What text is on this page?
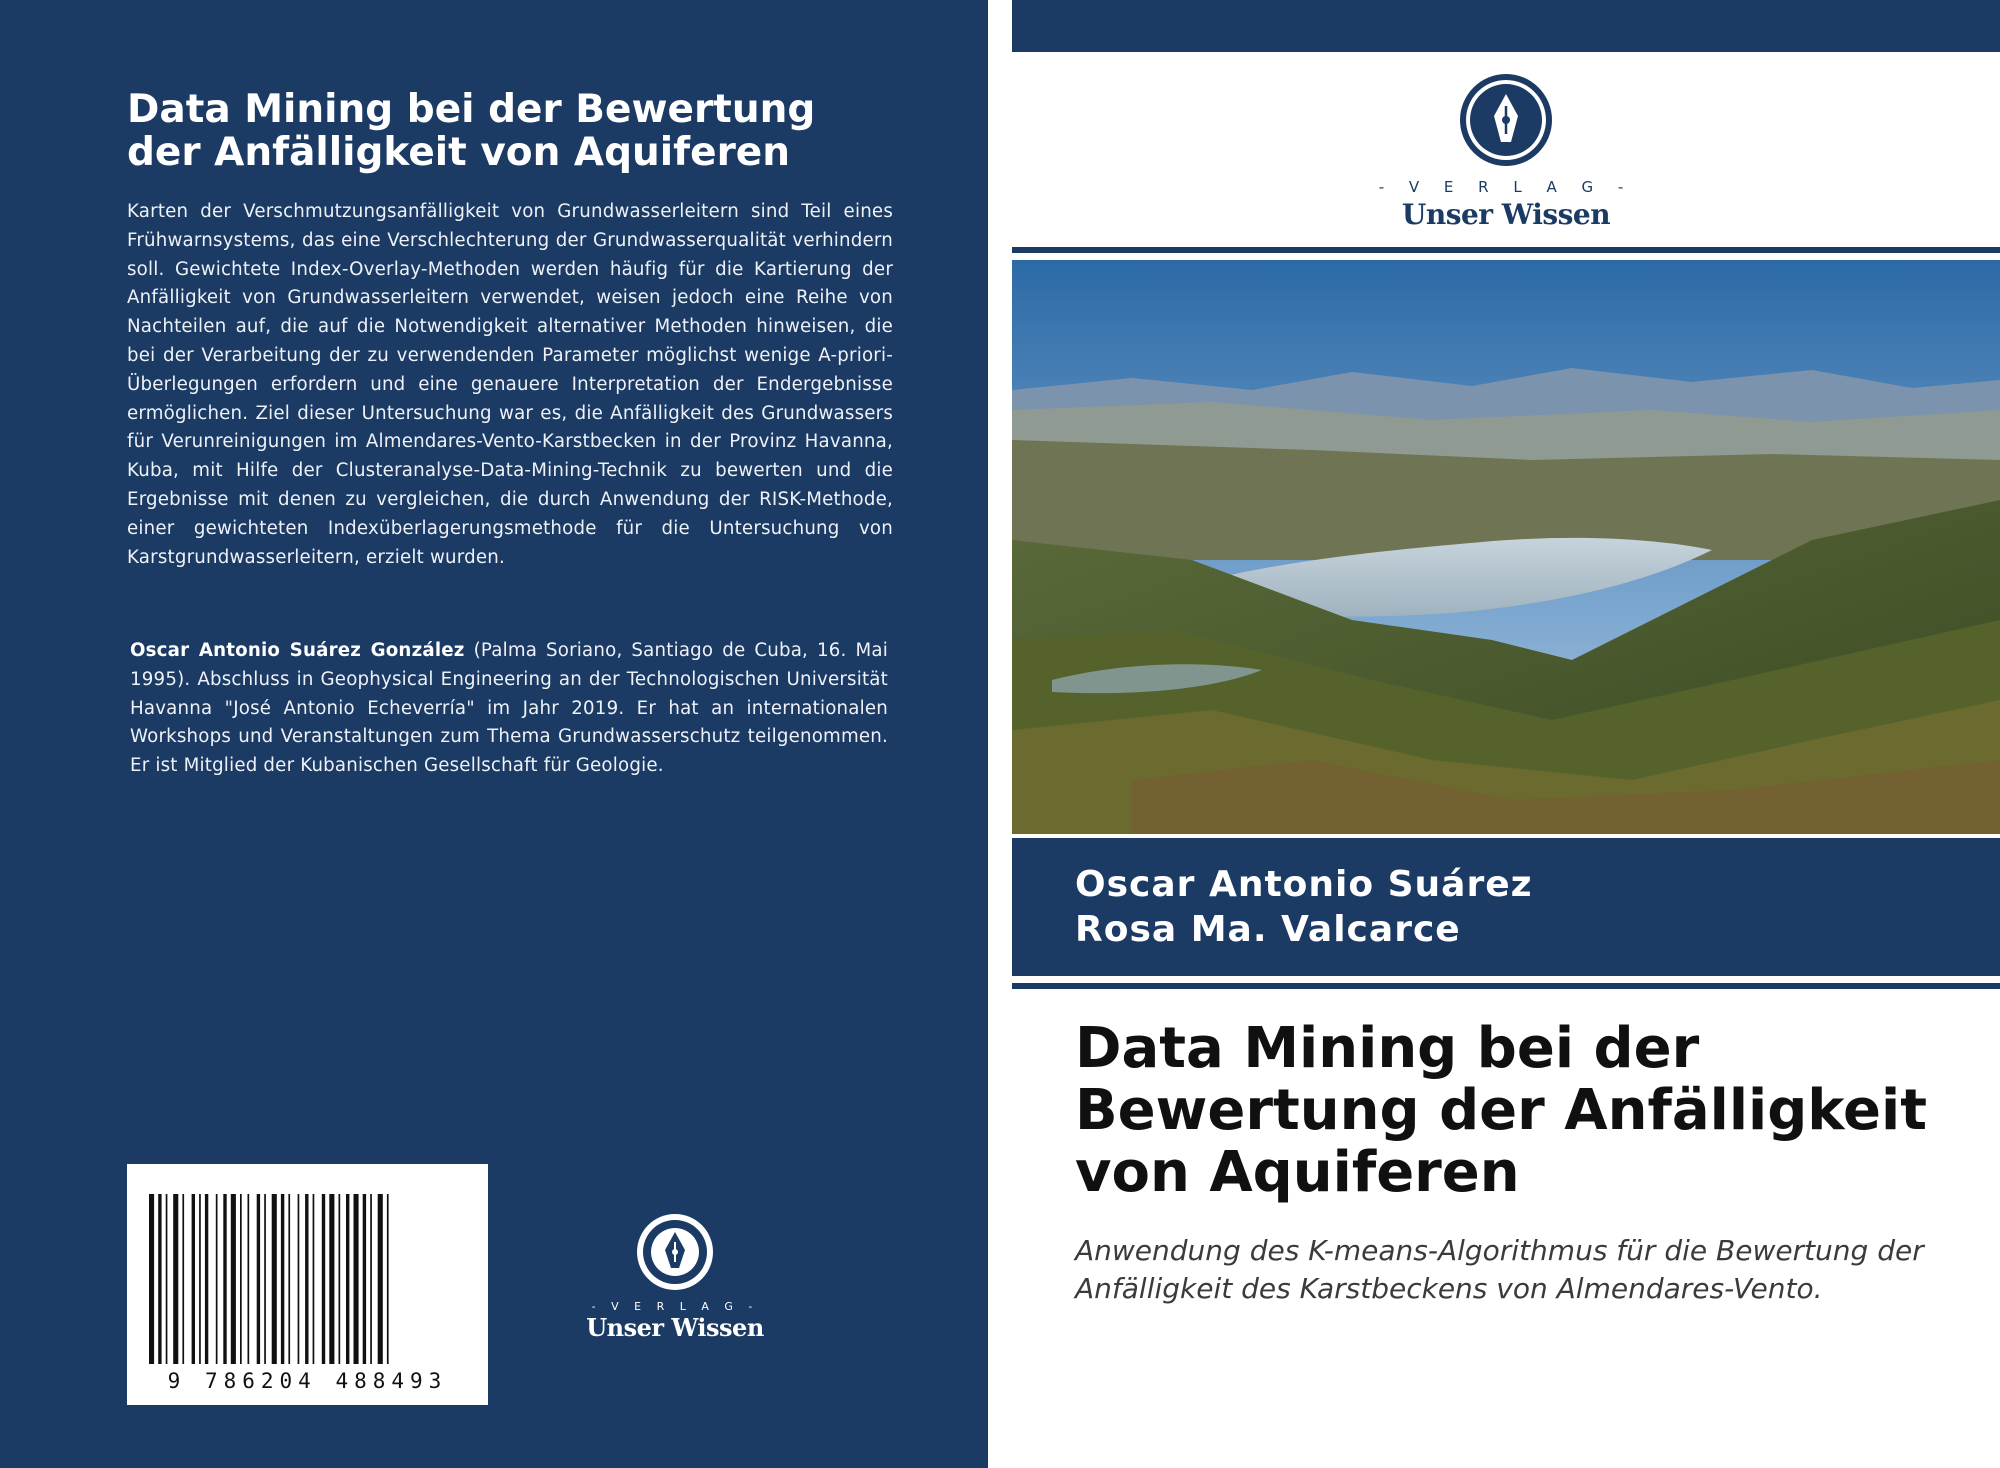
Data Mining bei der Bewertung der Anfälligkeit von Aquiferen

Karten der Verschmutzungsanfälligkeit von Grundwasserleitern sind Teil eines Frühwarnsystems, das eine Verschlechterung der Grundwasserqualität verhindern soll. Gewichtete Index-Overlay-Methoden werden häufig für die Kartierung der Anfälligkeit von Grundwasserleitern verwendet, weisen jedoch eine Reihe von Nachteilen auf, die auf die Notwendigkeit alternativer Methoden hinweisen, die bei der Verarbeitung der zu verwendenden Parameter möglichst wenige A-priori-Überlegungen erfordern und eine genauere Interpretation der Endergebnisse ermöglichen. Ziel dieser Untersuchung war es, die Anfälligkeit des Grundwassers für Verunreinigungen im Almendares-Vento-Karstbecken in der Provinz Havanna, Kuba, mit Hilfe der Clusteranalyse-Data-Mining-Technik zu bewerten und die Ergebnisse mit denen zu vergleichen, die durch Anwendung der RISK-Methode, einer gewichteten Indexüberlagerungsmethode für die Untersuchung von Karstgrundwasserleitern, erzielt wurden.

Oscar Antonio Suárez González (Palma Soriano, Santiago de Cuba, 16. Mai 1995). Abschluss in Geophysical Engineering an der Technologischen Universität Havanna "José Antonio Echeverría" im Jahr 2019. Er hat an internationalen Workshops und Veranstaltungen zum Thema Grundwasserschutz teilgenommen. Er ist Mitglied der Kubanischen Gesellschaft für Geologie.

9 786204 488493
- V E R L A G -
Unser Wissen
- V E R L A G -
Unser Wissen
Oscar Antonio Suárez
Rosa Ma. Valcarce
Data Mining bei der Bewertung der Anfälligkeit von Aquiferen

Anwendung des K-means-Algorithmus für die Bewertung der Anfälligkeit des Karstbeckens von Almendares-Vento.
